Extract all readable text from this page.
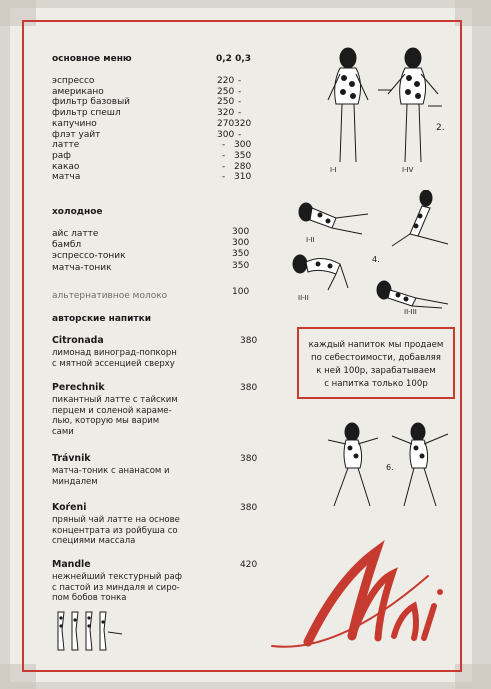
основное меню	0,2 0,3
эспрессо	220 -
американо	250 -
фильтр базовый	250 -
фильтр спешл	320 -
капучино	270 320
флэт уайт	300 -
латте	- 300
раф	- 350
какао	- 280
матча	- 310
холодное
айс латте	300
бамбл	300
эспрессо-тоник	350
матча-тоник	350
альтернативное молоко	100
авторские напитки
Citronada	380
лимонад виноград-попкорн
с мятной эссенцией сверху
Perechnik	380
пикантный латте с тайским
перцем и соленой караме-
лью, которую мы варим
сами
Trávnik	380
матча-тоник с ананасом и
миндалем
Koŕeni	380
пряный чай латте на основе
концентрата из ройбуша со
специями массала
Mandle	420
нежнейший текстурный раф
с пастой из миндаля и сиро-
пом бобов тонка
каждый напиток мы продаем
по себестоимости, добавляя
к ней 100р, зарабатываем
с напитка только 100р
2.
I-I	I-IV
4.
I-II
II-II
II-III
6.
